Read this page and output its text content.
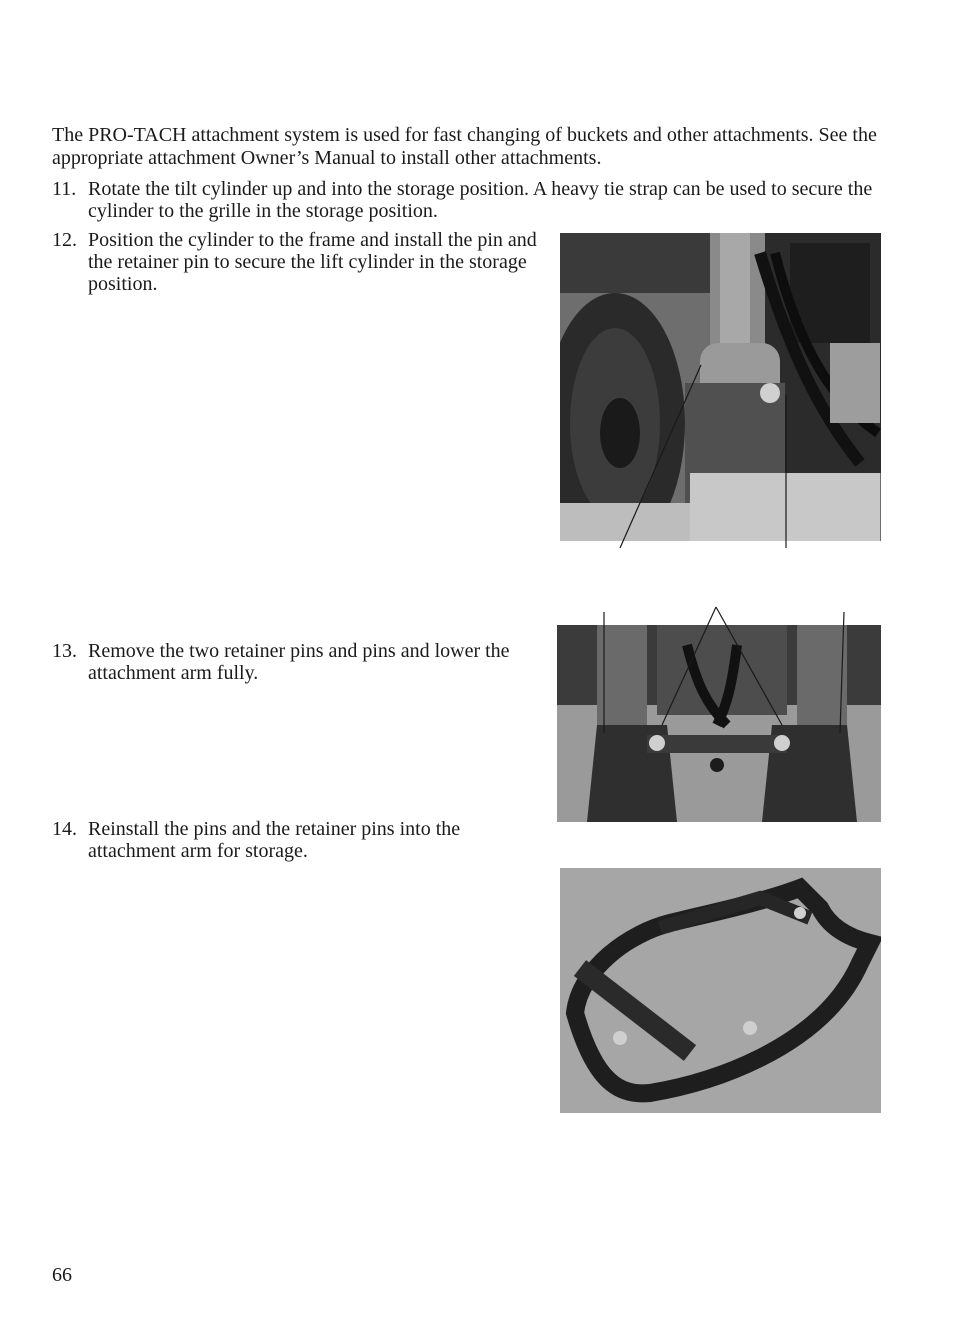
The PRO-TACH attachment system is used for fast changing of buckets and other attachments. See the appropriate attachment Owner’s Manual to install other attachments.

11. Rotate the tilt cylinder up and into the storage position. A heavy tie strap can be used to secure the cylinder to the grille in the storage position.
12. Position the cylinder to the frame and install the pin and the retainer pin to secure the lift cylinder in the storage position.
13. Remove the two retainer pins and pins and lower the attachment arm fully.
14. Reinstall the pins and the retainer pins into the attachment arm for storage.
66
